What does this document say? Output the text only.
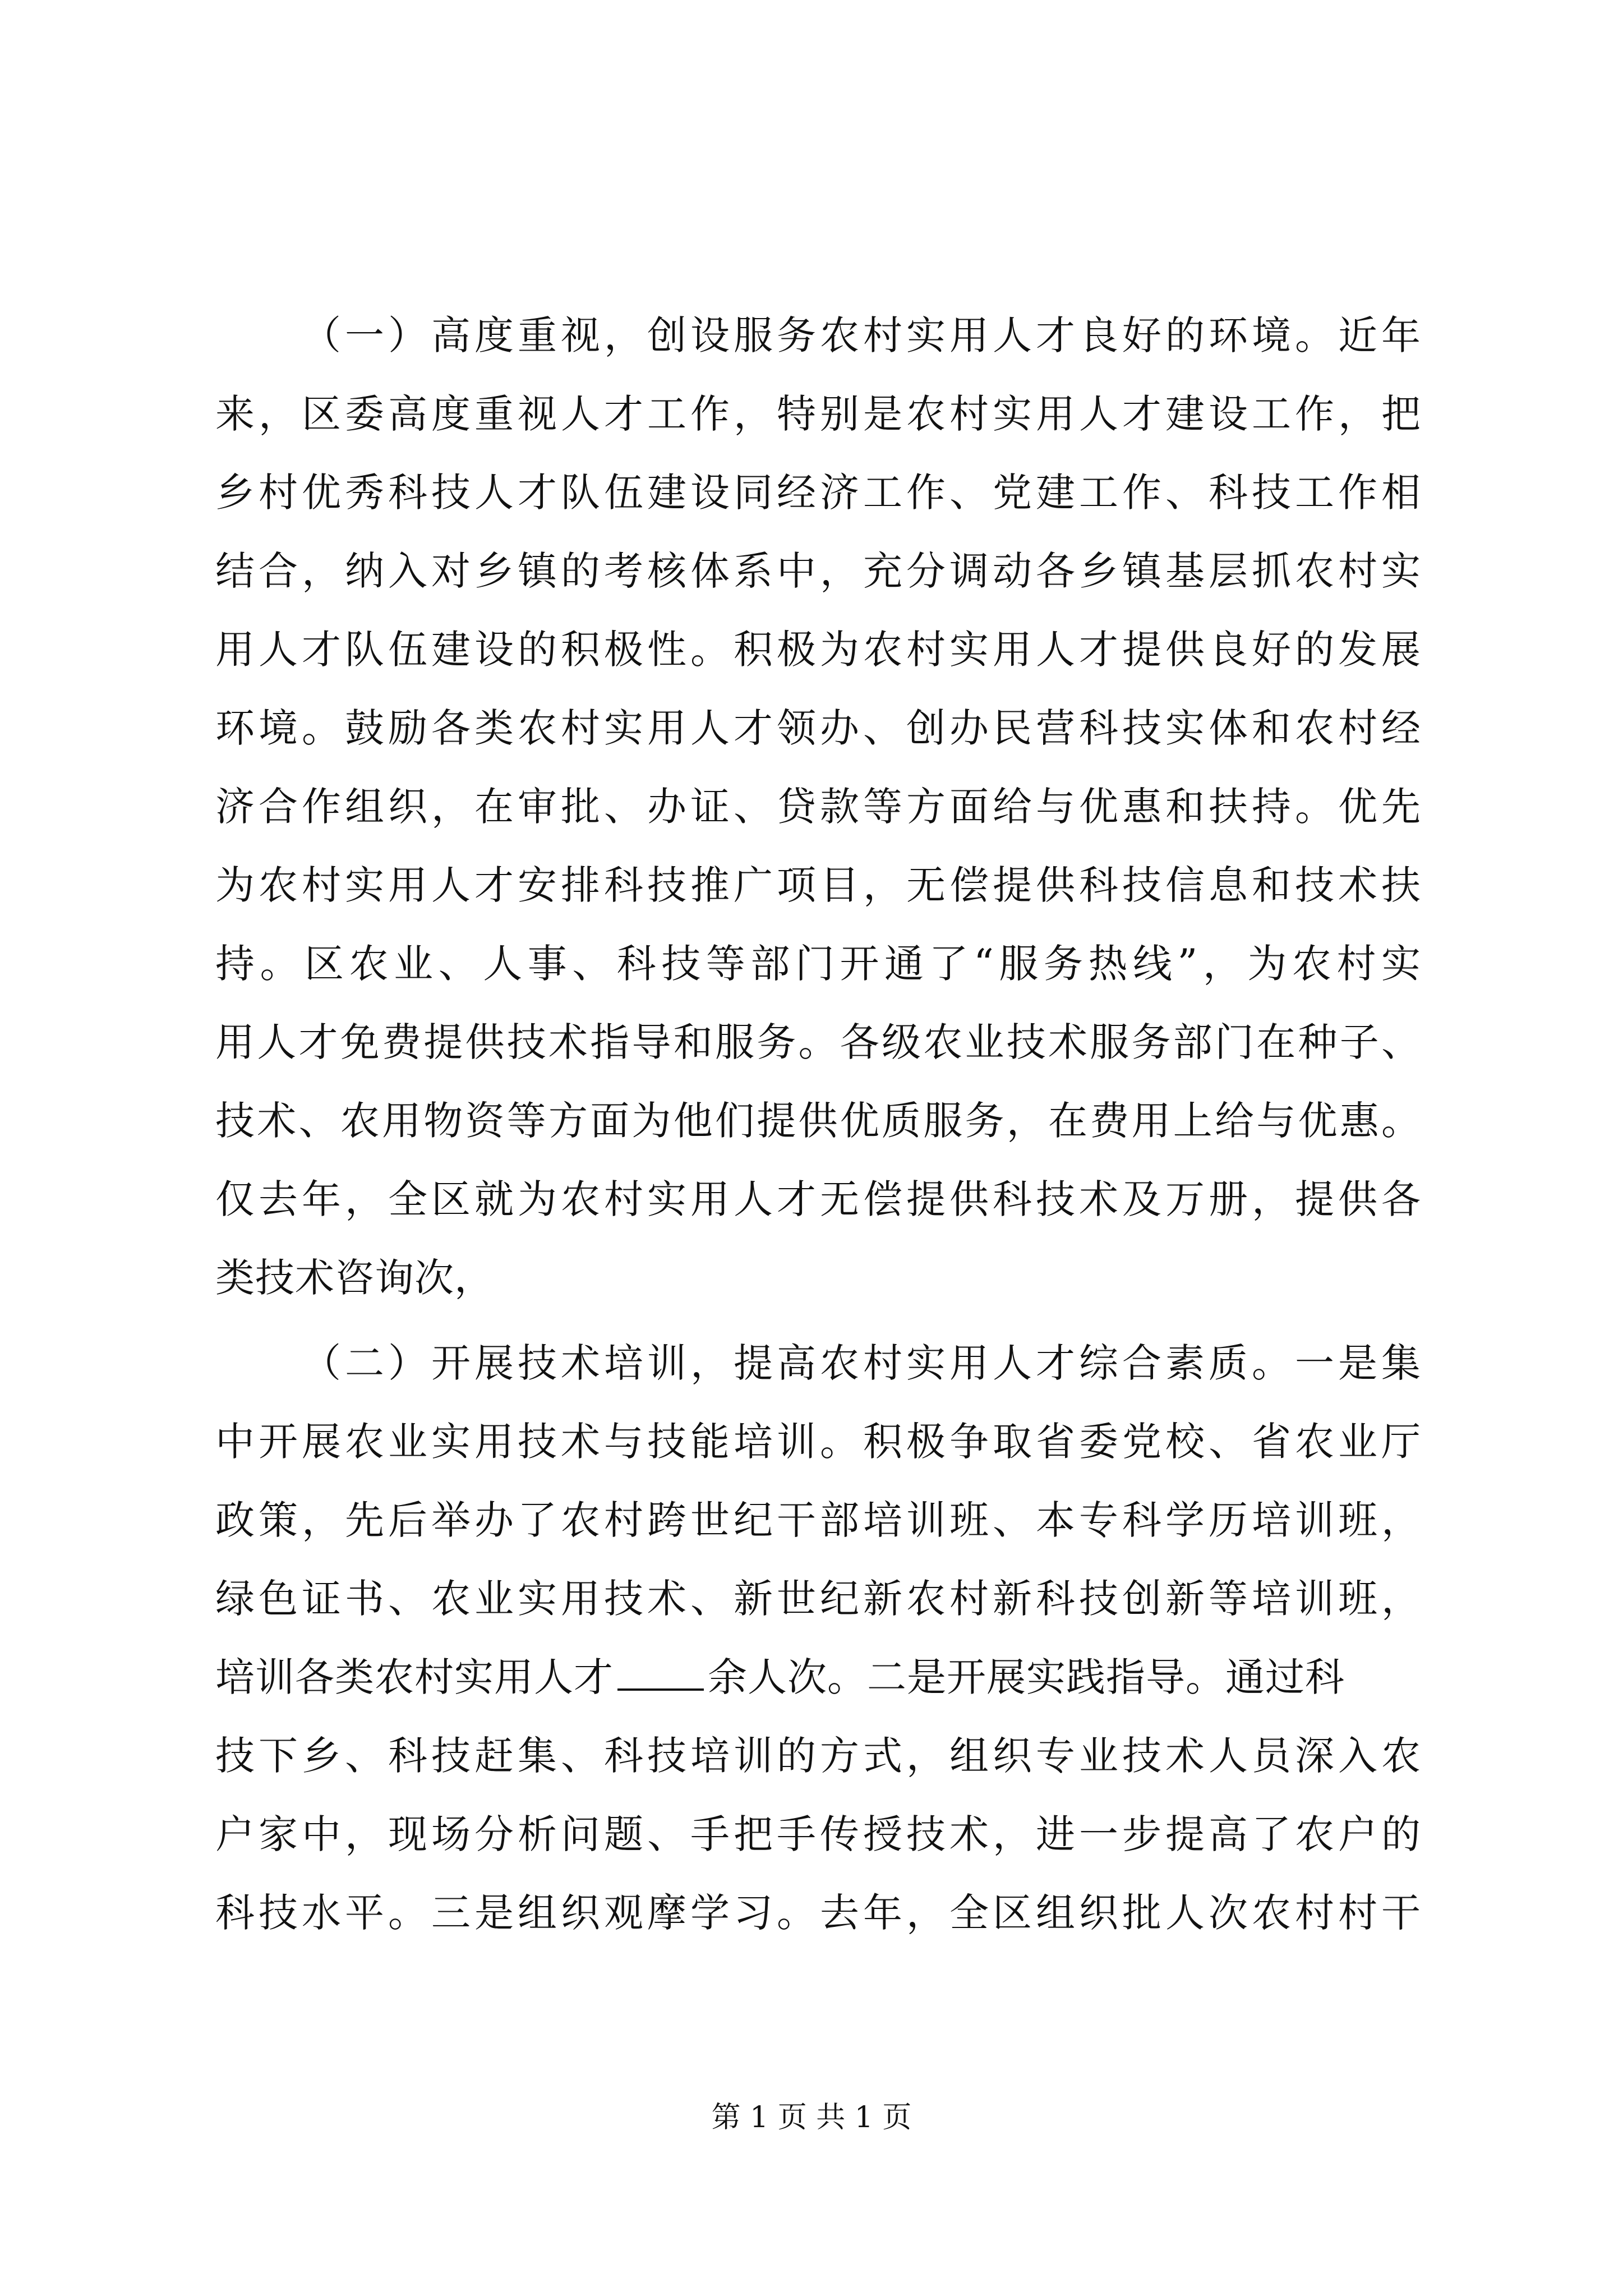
（一）高度重视，创设服务农村实用人才良好的环境。近年
来，区委高度重视人才工作，特别是农村实用人才建设工作，把
乡村优秀科技人才队伍建设同经济工作、党建工作、科技工作相
结合，纳入对乡镇的考核体系中，充分调动各乡镇基层抓农村实
用人才队伍建设的积极性。积极为农村实用人才提供良好的发展
环境。鼓励各类农村实用人才领办、创办民营科技实体和农村经
济合作组织，在审批、办证、贷款等方面给与优惠和扶持。优先
为农村实用人才安排科技推广项目，无偿提供科技信息和技术扶
持。区农业、人事、科技等部门开通了“服务热线”，为农村实
用人才免费提供技术指导和服务。各级农业技术服务部门在种子、
技术、农用物资等方面为他们提供优质服务，在费用上给与优惠。
仅去年，全区就为农村实用人才无偿提供科技术及万册，提供各
类技术咨询次，
（二）开展技术培训，提高农村实用人才综合素质。一是集
中开展农业实用技术与技能培训。积极争取省委党校、省农业厅
政策，先后举办了农村跨世纪干部培训班、本专科学历培训班，
绿色证书、农业实用技术、新世纪新农村新科技创新等培训班，
培训各类农村实用人才 余人次。二是开展实践指导。通过科
技下乡、科技赶集、科技培训的方式，组织专业技术人员深入农
户家中，现场分析问题、手把手传授技术，进一步提高了农户的
科技水平。三是组织观摩学习。去年，全区组织批人次农村村干
第 1 页 共 1 页
